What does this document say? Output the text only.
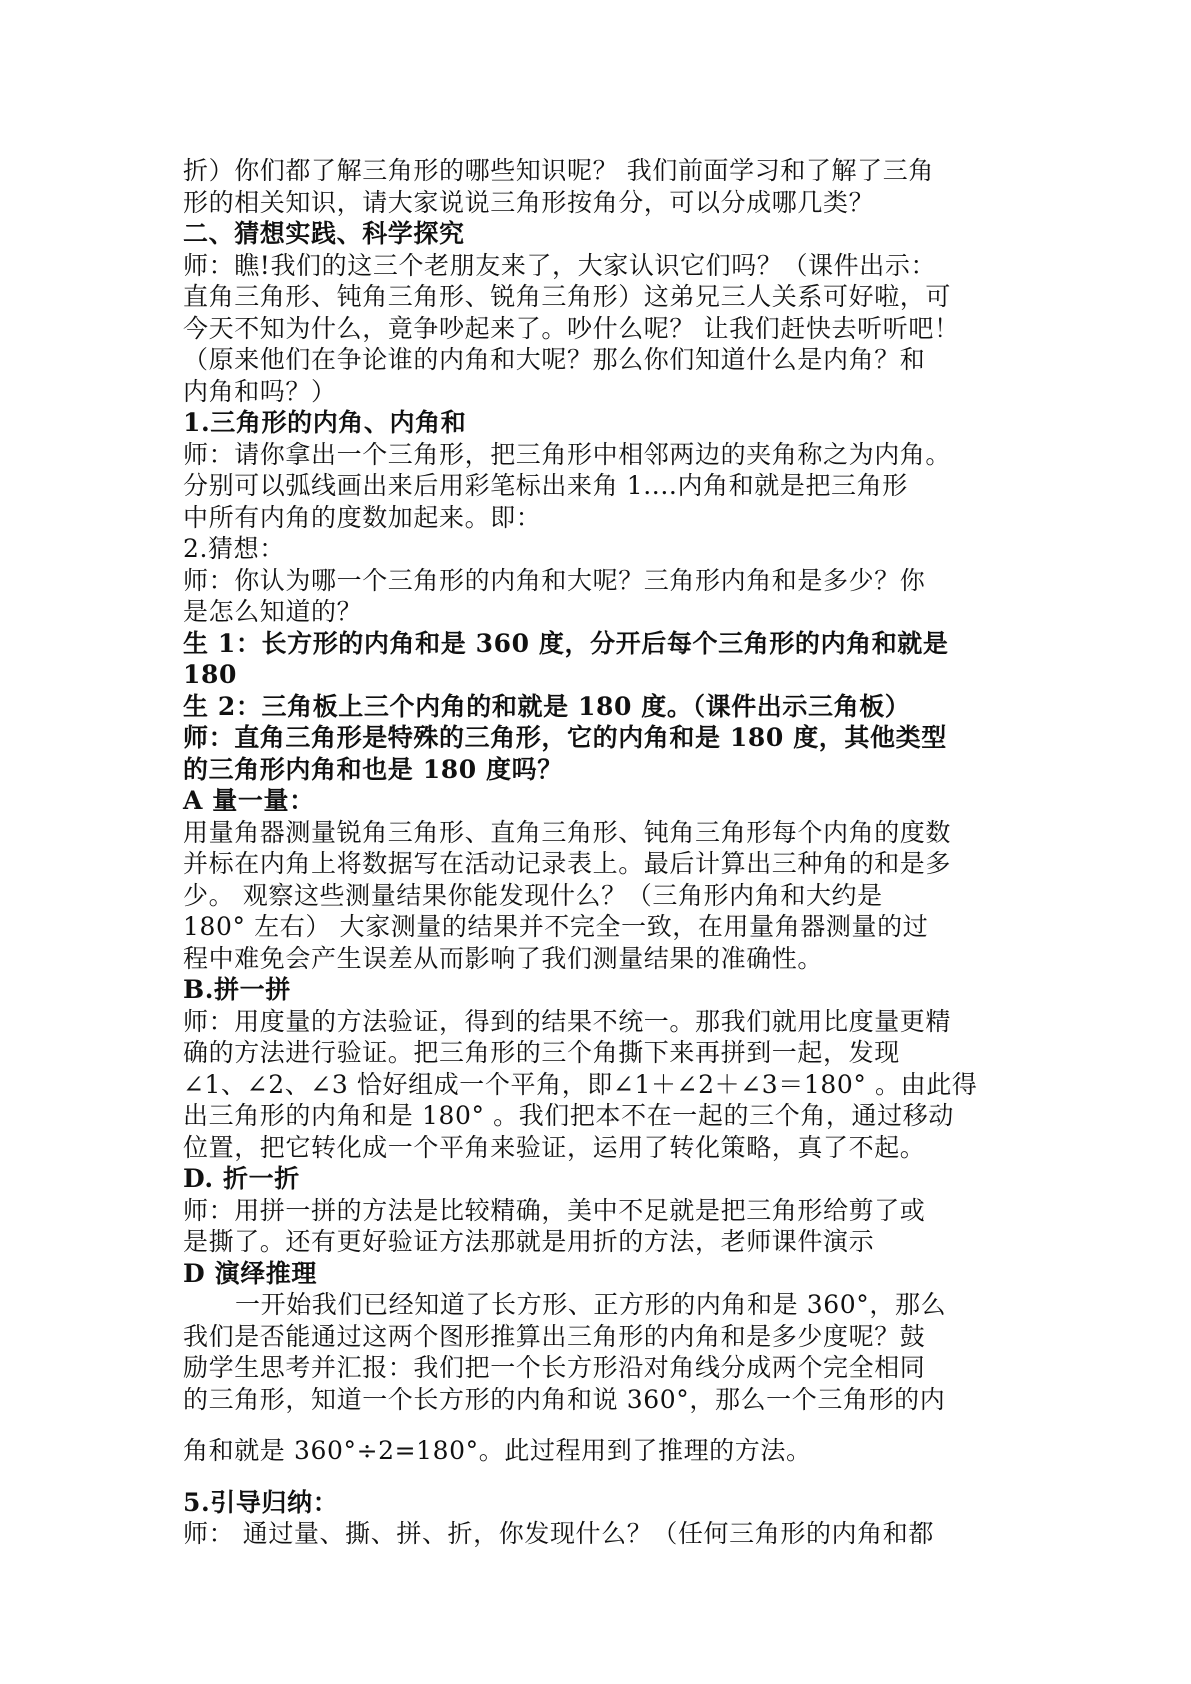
折）你们都了解三角形的哪些知识呢？ 我们前面学习和了解了三角
形的相关知识，请大家说说三角形按角分，可以分成哪几类？
二、猜想实践、科学探究
师：瞧!我们的这三个老朋友来了，大家认识它们吗？（课件出示：
直角三角形、钝角三角形、锐角三角形）这弟兄三人关系可好啦，可
今天不知为什么，竟争吵起来了。吵什么呢？ 让我们赶快去听听吧！
（原来他们在争论谁的内角和大呢？那么你们知道什么是内角？和
内角和吗？）
1.三角形的内角、内角和
师：请你拿出一个三角形，把三角形中相邻两边的夹角称之为内角。
分别可以弧线画出来后用彩笔标出来角 1....内角和就是把三角形
中所有内角的度数加起来。即：
2.猜想：
师：你认为哪一个三角形的内角和大呢？三角形内角和是多少？你
是怎么知道的？
生 1：长方形的内角和是 360 度，分开后每个三角形的内角和就是
180
生 2：三角板上三个内角的和就是 180 度。（课件出示三角板）
师：直角三角形是特殊的三角形，它的内角和是 180 度，其他类型
的三角形内角和也是 180 度吗？
A 量一量：
用量角器测量锐角三角形、直角三角形、钝角三角形每个内角的度数
并标在内角上将数据写在活动记录表上。最后计算出三种角的和是多
少。 观察这些测量结果你能发现什么？（三角形内角和大约是
180° 左右） 大家测量的结果并不完全一致，在用量角器测量的过
程中难免会产生误差从而影响了我们测量结果的准确性。
B.拼一拼
师：用度量的方法验证，得到的结果不统一。那我们就用比度量更精
确的方法进行验证。把三角形的三个角撕下来再拼到一起，发现
∠1、∠2、∠3 恰好组成一个平角，即∠1＋∠2＋∠3＝180° 。由此得
出三角形的内角和是 180° 。我们把本不在一起的三个角，通过移动
位置，把它转化成一个平角来验证，运用了转化策略，真了不起。
D. 折一折
师：用拼一拼的方法是比较精确，美中不足就是把三角形给剪了或
是撕了。还有更好验证方法那就是用折的方法，老师课件演示
D 演绎推理
一开始我们已经知道了长方形、正方形的内角和是 360°，那么
我们是否能通过这两个图形推算出三角形的内角和是多少度呢？鼓
励学生思考并汇报：我们把一个长方形沿对角线分成两个完全相同
的三角形，知道一个长方形的内角和说 360°，那么一个三角形的内
角和就是 360°÷2=180°。此过程用到了推理的方法。
5.引导归纳：
师： 通过量、撕、拼、折，你发现什么？（任何三角形的内角和都
